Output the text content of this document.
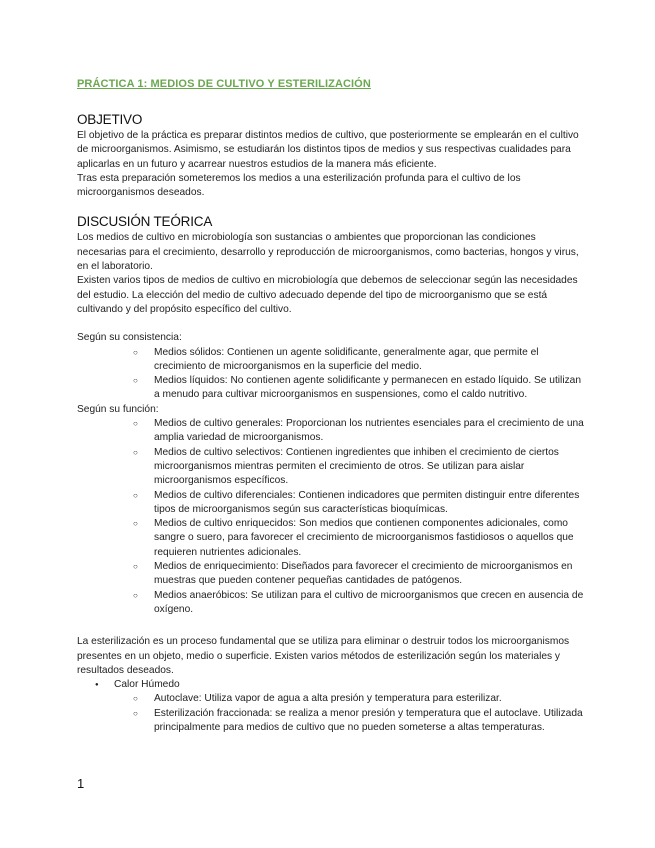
PRÁCTICA 1: MEDIOS DE CULTIVO Y ESTERILIZACIÓN
OBJETIVO

El objetivo de la práctica es preparar distintos medios de cultivo, que posteriormente se emplearán en el cultivo de microorganismos. Asimismo, se estudiarán los distintos tipos de medios y sus respectivas cualidades para aplicarlas en un futuro y acarrear nuestros estudios de la manera más eficiente.

Tras esta preparación someteremos los medios a una esterilización profunda para el cultivo de los microorganismos deseados.

DISCUSIÓN TEÓRICA

Los medios de cultivo en microbiología son sustancias o ambientes que proporcionan las condiciones necesarias para el crecimiento, desarrollo y reproducción de microorganismos, como bacterias, hongos y virus, en el laboratorio.

Existen varios tipos de medios de cultivo en microbiología que debemos de seleccionar según las necesidades del estudio. La elección del medio de cultivo adecuado depende del tipo de microorganismo que se está cultivando y del propósito específico del cultivo.

Según su consistencia:

○ Medios sólidos: Contienen un agente solidificante, generalmente agar, que permite el crecimiento de microorganismos en la superficie del medio.
○ Medios líquidos: No contienen agente solidificante y permanecen en estado líquido. Se utilizan a menudo para cultivar microorganismos en suspensiones, como el caldo nutritivo.

Según su función:

○ Medios de cultivo generales: Proporcionan los nutrientes esenciales para el crecimiento de una amplia variedad de microorganismos.
○ Medios de cultivo selectivos: Contienen ingredientes que inhiben el crecimiento de ciertos microorganismos mientras permiten el crecimiento de otros. Se utilizan para aislar microorganismos específicos.
○ Medios de cultivo diferenciales: Contienen indicadores que permiten distinguir entre diferentes tipos de microorganismos según sus características bioquímicas.
○ Medios de cultivo enriquecidos: Son medios que contienen componentes adicionales, como sangre o suero, para favorecer el crecimiento de microorganismos fastidiosos o aquellos que requieren nutrientes adicionales.
○ Medios de enriquecimiento: Diseñados para favorecer el crecimiento de microorganismos en muestras que pueden contener pequeñas cantidades de patógenos.
○ Medios anaeróbicos: Se utilizan para el cultivo de microorganismos que crecen en ausencia de oxígeno.

La esterilización es un proceso fundamental que se utiliza para eliminar o destruir todos los microorganismos presentes en un objeto, medio o superficie. Existen varios métodos de esterilización según los materiales y resultados deseados.

● Calor Húmedo
○ Autoclave: Utiliza vapor de agua a alta presión y temperatura para esterilizar.
○ Esterilización fraccionada: se realiza a menor presión y temperatura que el autoclave. Utilizada principalmente para medios de cultivo que no pueden someterse a altas temperaturas.
1
